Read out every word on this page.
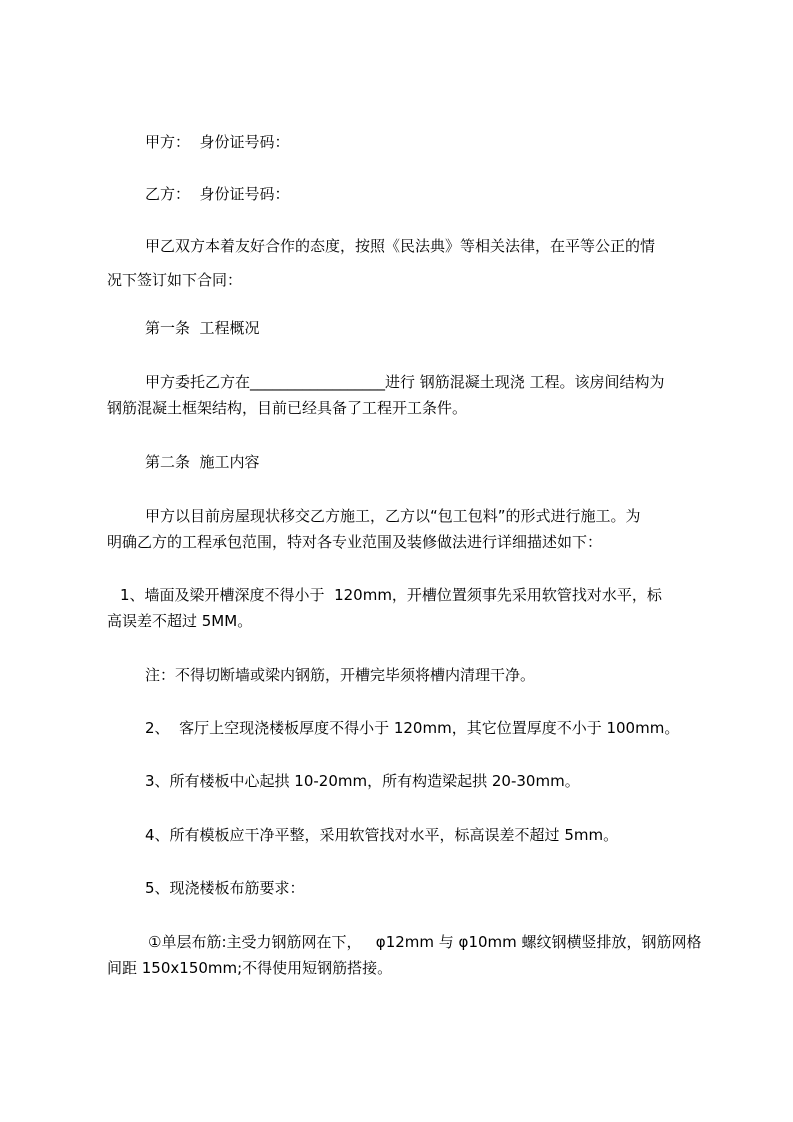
甲方：  身份证号码：
乙方：  身份证号码：
甲乙双方本着友好合作的态度，按照《民法典》等相关法律，在平等公正的情
况下签订如下合同：
第一条  工程概况
甲方委托乙方在__________________进行 钢筋混凝土现浇 工程。该房间结构为
钢筋混凝土框架结构，目前已经具备了工程开工条件。
第二条  施工内容
甲方以目前房屋现状移交乙方施工，乙方以“包工包料”的形式进行施工。为
明确乙方的工程承包范围，特对各专业范围及装修做法进行详细描述如下：
1、墙面及梁开槽深度不得小于  120mm，开槽位置须事先采用软管找对水平，标
高误差不超过 5MM。
注：不得切断墙或梁内钢筋，开槽完毕须将槽内清理干净。
2、  客厅上空现浇楼板厚度不得小于 120mm，其它位置厚度不小于 100mm。
3、所有楼板中心起拱 10-20mm，所有构造梁起拱 20-30mm。
4、所有模板应干净平整，采用软管找对水平，标高误差不超过 5mm。
5、现浇楼板布筋要求：
①单层布筋:主受力钢筋网在下，   φ12mm 与 φ10mm 螺纹钢横竖排放，钢筋网格
间距 150x150mm;不得使用短钢筋搭接。
